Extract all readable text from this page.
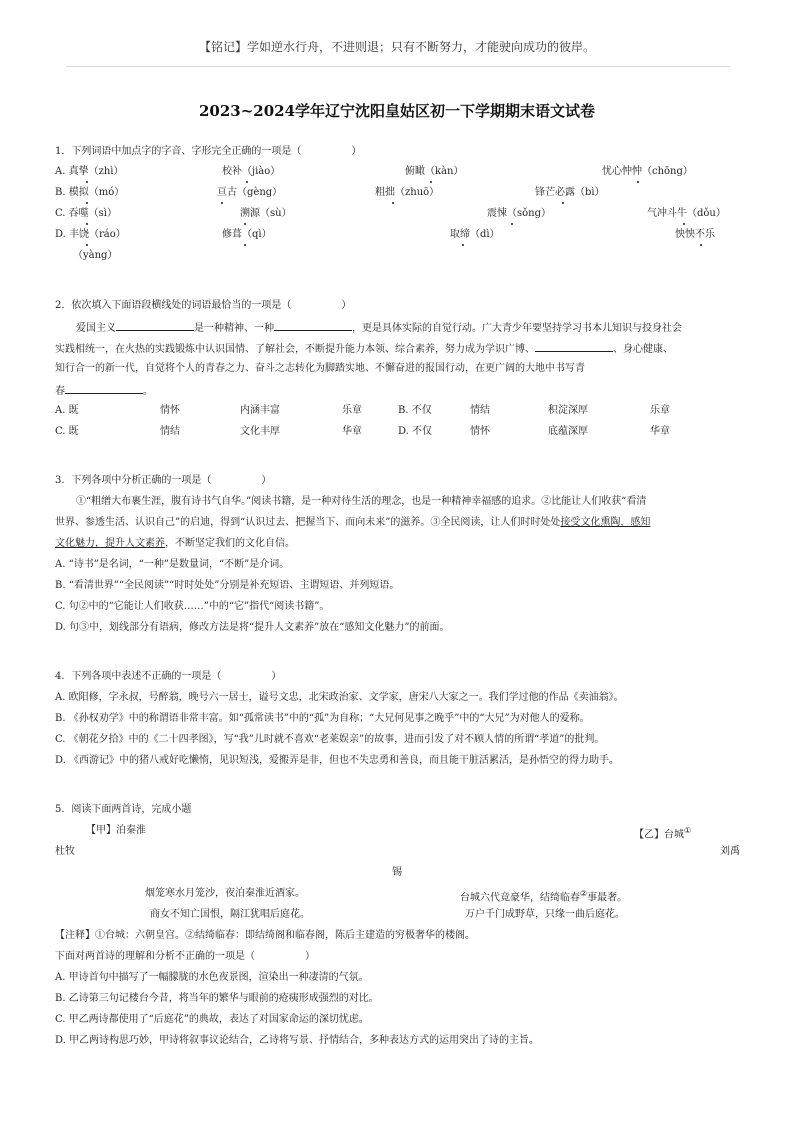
【铭记】学如逆水行舟，不进则退；只有不断努力，才能驶向成功的彼岸。
2023~2024学年辽宁沈阳皇姑区初一下学期期末语文试卷
1．下列词语中加点字的字音、字形完全正确的一项是（　　　　　）
A. 真挚（zhì）	校补（jiào）	俯瞰（kàn）	忧心忡忡（chōng）
B. 模拟（mó）	亘古（gèng）	粗拙（zhuō）	锋芒必露（bì）
C. 吞噬（sì）	溯源（sù）	震悚（sǒng）	气冲斗牛（dǒu）
D. 丰饶（ráo）	修葺（qì）	取缔（dì）	怏怏不乐
（yàng）
2．依次填入下面语段横线处的词语最恰当的一项是（　　　　　）
爱国主义	是一种精神、一种	，更是具体实际的自觉行动。广大青少年要坚持学习书本儿知识与投身社会
实践相统一，在火热的实践锻炼中认识国情、了解社会，不断提升能力本领、综合素养，努力成为学识广博、	、身心健康、
知行合一的新一代，自觉将个人的青春之力、奋斗之志转化为脚踏实地、不懈奋进的报国行动，在更广阔的大地中书写青
春	。
A. 既	情怀	内涵丰富	乐章	B. 不仅	情结	积淀深厚	乐章
C. 既	情结	文化丰厚	华章	D. 不仅	情怀	底蕴深厚	华章
3．下列各项中分析正确的一项是（　　　　　）
①“粗缯大布裹生涯，腹有诗书气自华。”阅读书籍，是一种对待生活的理念，也是一种精神幸福感的追求。②比能让人们收获“看清
世界、参透生活、认识自己”的启迪，得到“认识过去、把握当下、而向未来”的滋养。③全民阅读，让人们时时处处接受文化熏陶，感知
文化魅力，提升人文素养，不断坚定我们的文化自信。
A. “诗书”是名词，“一种”是数量词，“不断”是介词。
B. “看清世界”“全民阅读”“时时处处”分别是补充短语、主谓短语、并列短语。
C. 句②中的“它能让人们收获……”中的“它”指代“阅读书籍”。
D. 句③中，划线部分有语病，修改方法是将“提升人文素养”放在“感知文化魅力”的前面。
4．下列各项中表述不正确的一项是（　　　　　）
A. 欧阳修，字永叔，号醉翁，晚号六一居士，谥号文忠，北宋政治家、文学家，唐宋八大家之一。我们学过他的作品《卖油翁》。
B. 《孙权劝学》中的称谓语非常丰富。如“孤常读书”中的“孤”为自称；“大兄何见事之晚乎”中的“大兄”为对他人的爱称。
C. 《朝花夕拾》中的《二十四孝图》，写“我”儿时就不喜欢“老莱娱亲”的故事，进而引发了对不顾人情的所谓“孝道”的批判。
D. 《西游记》中的猪八戒好吃懒惰，见识短浅，爱搬弄是非，但也不失忠勇和善良，而且能干脏活累活，是孙悟空的得力助手。
5．阅读下面两首诗，完成小题
【甲】泊秦淮	【乙】台城①
杜牧	刘禹
锡
烟笼寒水月笼沙，夜泊秦淮近酒家。	台城六代竞豪华，结绮临春②事最奢。
商女不知亡国恨，隔江犹唱后庭花。	万户千门成野草，只缘一曲后庭花。
【注释】①台城：六朝皇宫。②结绮临春：即结绮阁和临春阁，陈后主建造的穷极奢华的楼阁。
下面对两首诗的理解和分析不正确的一项是（　　　　　）
A. 甲诗首句中描写了一幅朦胧的水色夜景图，渲染出一种凄清的气氛。
B. 乙诗第三句记楼台今昔，将当年的繁华与眼前的疮痍形成强烈的对比。
C. 甲乙两诗都使用了“后庭花”的典故，表达了对国家命运的深切忧虑。
D. 甲乙两诗构思巧妙，甲诗将叙事议论结合，乙诗将写景、抒情结合，多种表达方式的运用突出了诗的主旨。
